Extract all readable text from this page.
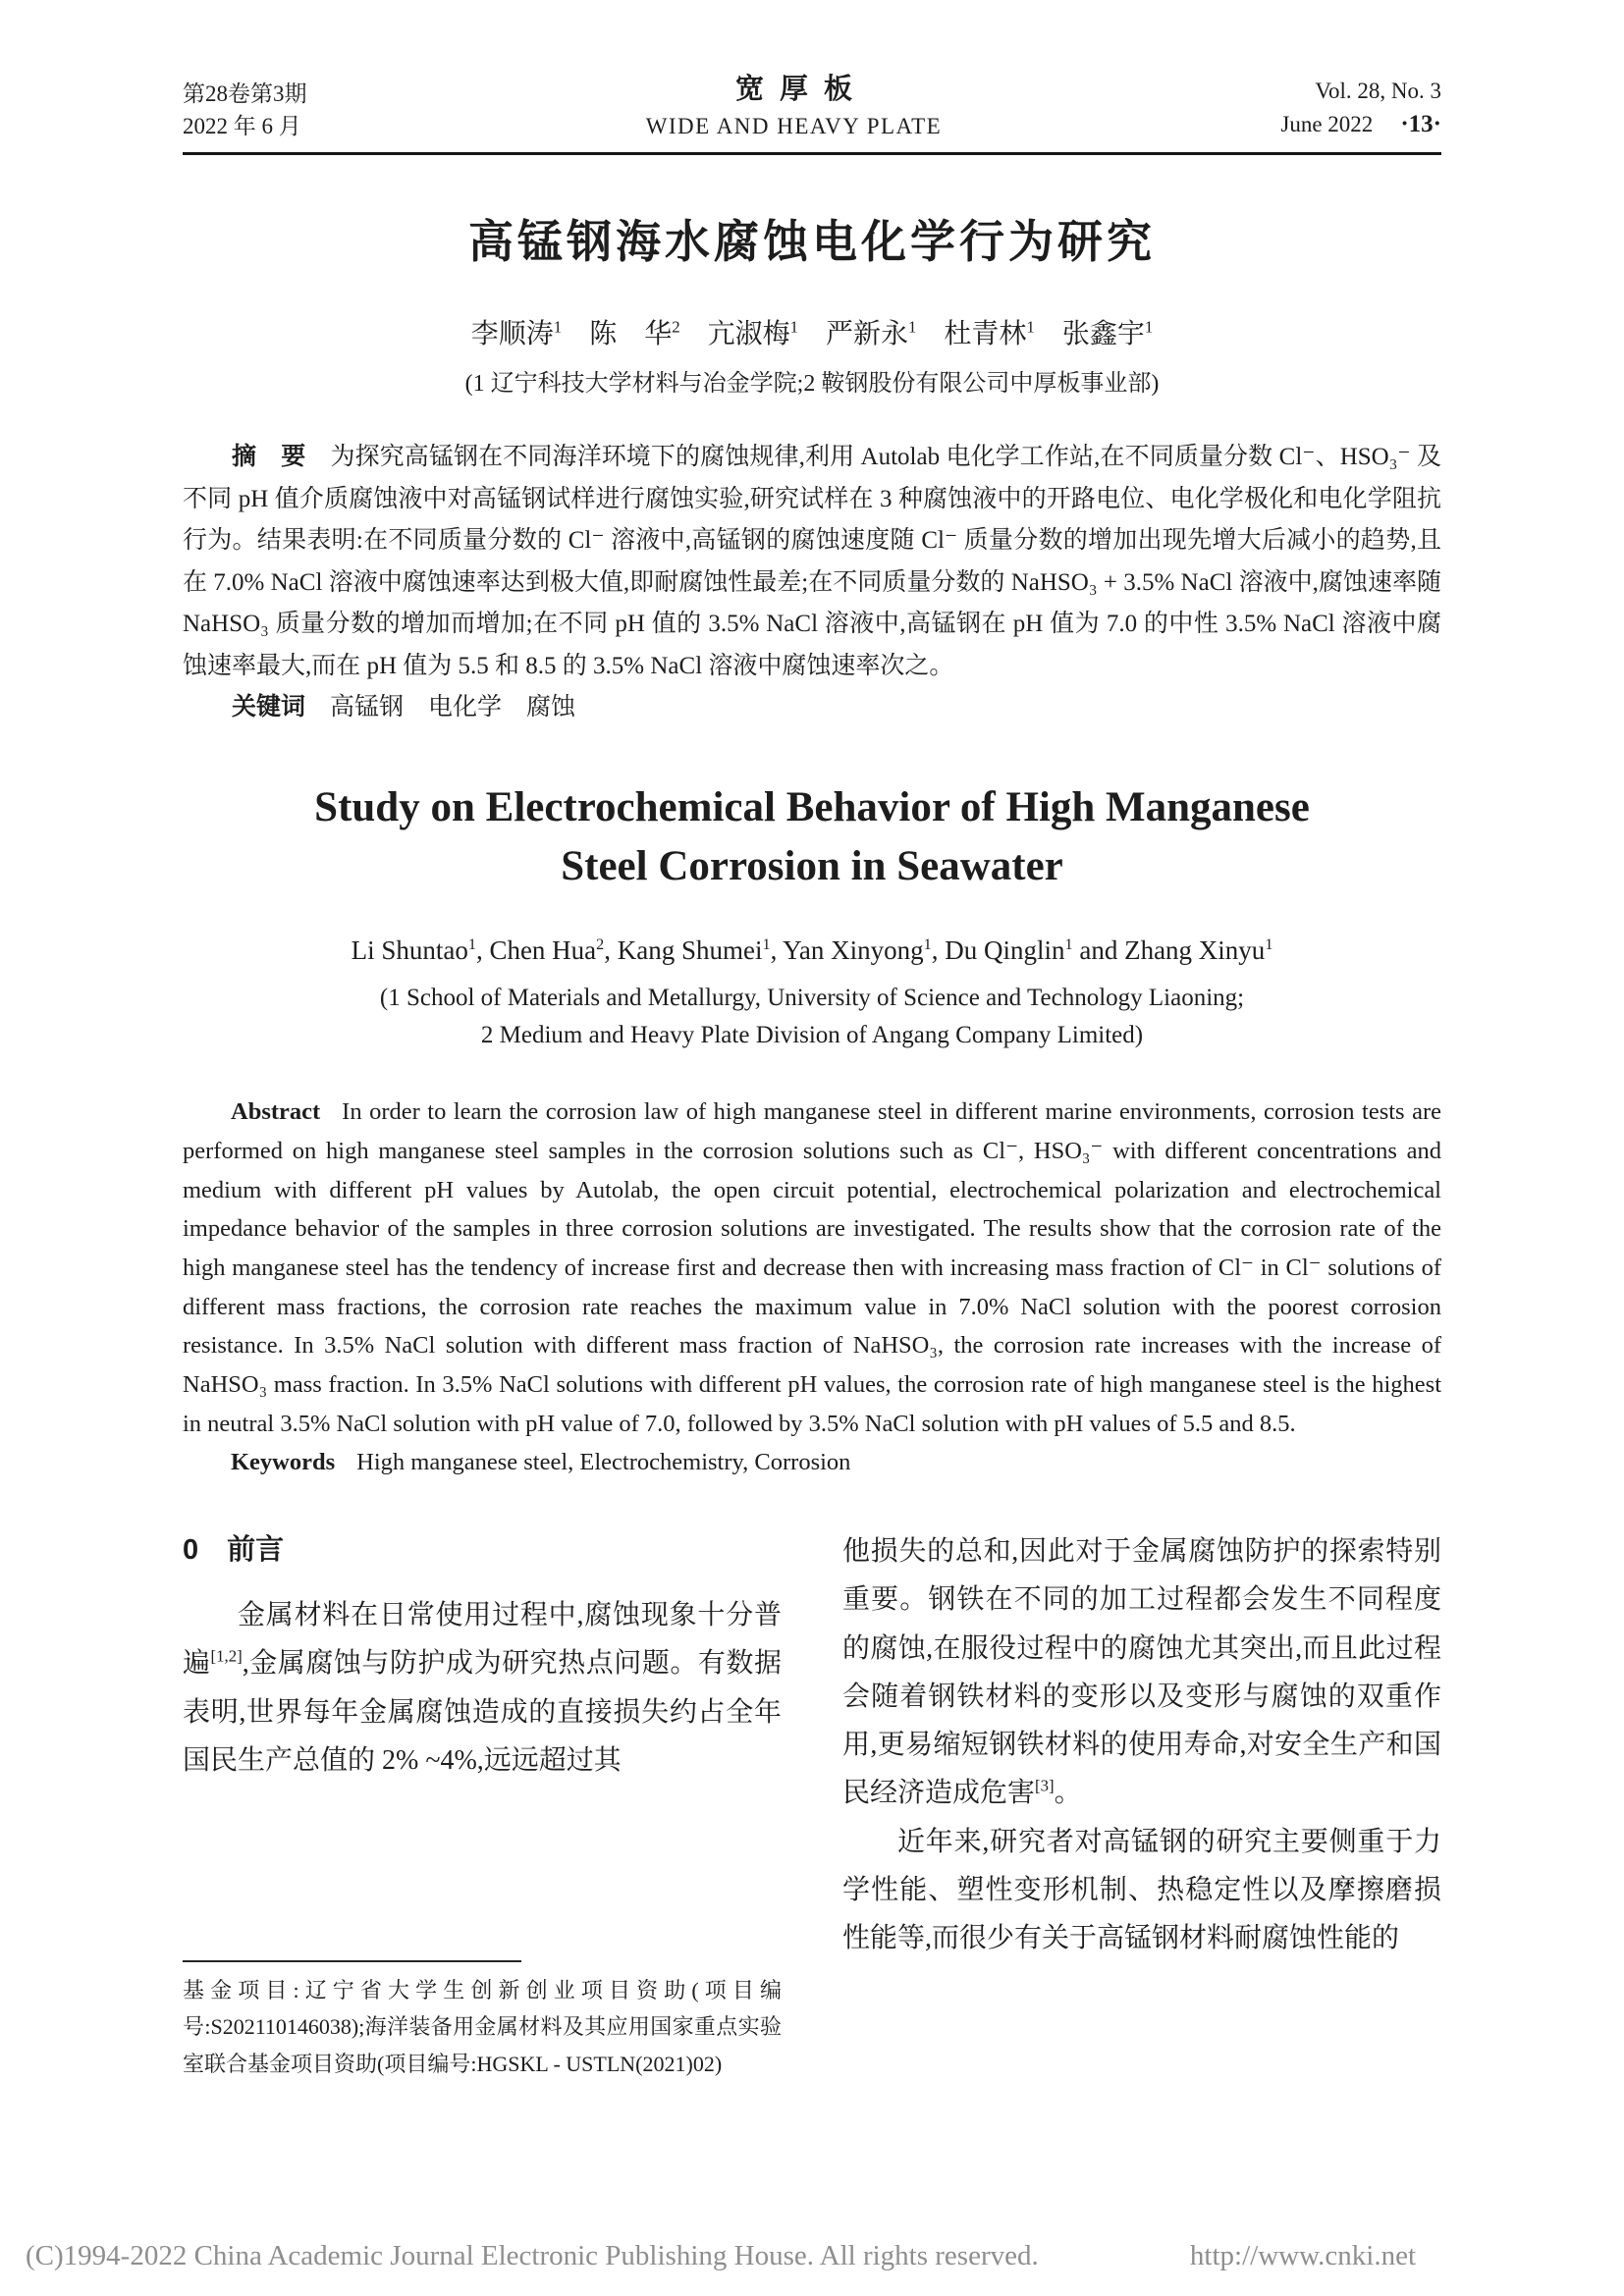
第28卷第3期
2022 年 6 月
宽厚板
WIDE AND HEAVY PLATE
Vol. 28, No. 3
June 2022 ·13·
高锰钢海水腐蚀电化学行为研究
李顺涛$^1$　陈　华$^2$　亢淑梅$^1$　严新永$^1$　杜青林$^1$　张鑫宇$^1$
(1 辽宁科技大学材料与冶金学院;2 鞍钢股份有限公司中厚板事业部)

摘　要　为探究高锰钢在不同海洋环境下的腐蚀规律,利用 Autolab 电化学工作站,在不同质量分数 Cl⁻、HSO₃⁻ 及不同 pH 值介质腐蚀液中对高锰钢试样进行腐蚀实验,研究试样在 3 种腐蚀液中的开路电位、电化学极化和电化学阻抗行为。结果表明:在不同质量分数的 Cl⁻ 溶液中,高锰钢的腐蚀速度随 Cl⁻ 质量分数的增加出现先增大后减小的趋势,且在 7.0% NaCl 溶液中腐蚀速率达到极大值,即耐腐蚀性最差;在不同质量分数的 NaHSO₃ + 3.5% NaCl 溶液中,腐蚀速率随 NaHSO₃ 质量分数的增加而增加;在不同 pH 值的 3.5% NaCl 溶液中,高锰钢在 pH 值为 7.0 的中性 3.5% NaCl 溶液中腐蚀速率最大,而在 pH 值为 5.5 和 8.5 的 3.5% NaCl 溶液中腐蚀速率次之。

关键词　高锰钢　电化学　腐蚀

Study on Electrochemical Behavior of High Manganese
Steel Corrosion in Seawater
Li Shuntao$^1$, Chen Hua$^2$, Kang Shumei$^1$, Yan Xinyong$^1$, Du Qinglin$^1$ and Zhang Xinyu$^1$
(1 School of Materials and Metallurgy, University of Science and Technology Liaoning;
2 Medium and Heavy Plate Division of Angang Company Limited)

Abstract In order to learn the corrosion law of high manganese steel in different marine environments, corrosion tests are performed on high manganese steel samples in the corrosion solutions such as Cl⁻, HSO₃⁻ with different concentrations and medium with different pH values by Autolab, the open circuit potential, electrochemical polarization and electrochemical impedance behavior of the samples in three corrosion solutions are investigated. The results show that the corrosion rate of the high manganese steel has the tendency of increase first and decrease then with increasing mass fraction of Cl⁻ in Cl⁻ solutions of different mass fractions, the corrosion rate reaches the maximum value in 7.0% NaCl solution with the poorest corrosion resistance. In 3.5% NaCl solution with different mass fraction of NaHSO₃, the corrosion rate increases with the increase of NaHSO₃ mass fraction. In 3.5% NaCl solutions with different pH values, the corrosion rate of high manganese steel is the highest in neutral 3.5% NaCl solution with pH value of 7.0, followed by 3.5% NaCl solution with pH values of 5.5 and 8.5.

Keywords High manganese steel, Electrochemistry, Corrosion

0　前言

金属材料在日常使用过程中,腐蚀现象十分普遍[1,2],金属腐蚀与防护成为研究热点问题。有数据表明,世界每年金属腐蚀造成的直接损失约占全年国民生产总值的 2% ~4%,远远超过其

基金项目:辽宁省大学生创新创业项目资助(项目编号:S202110146038);海洋装备用金属材料及其应用国家重点实验室联合基金项目资助(项目编号:HGSKL - USTLN(2021)02)

他损失的总和,因此对于金属腐蚀防护的探索特别重要。钢铁在不同的加工过程都会发生不同程度的腐蚀,在服役过程中的腐蚀尤其突出,而且此过程会随着钢铁材料的变形以及变形与腐蚀的双重作用,更易缩短钢铁材料的使用寿命,对安全生产和国民经济造成危害[3]。

近年来,研究者对高锰钢的研究主要侧重于力学性能、塑性变形机制、热稳定性以及摩擦磨损性能等,而很少有关于高锰钢材料耐腐蚀性能的

(C)1994-2022 China Academic Journal Electronic Publishing House. All rights reserved.	http://www.cnki.net
